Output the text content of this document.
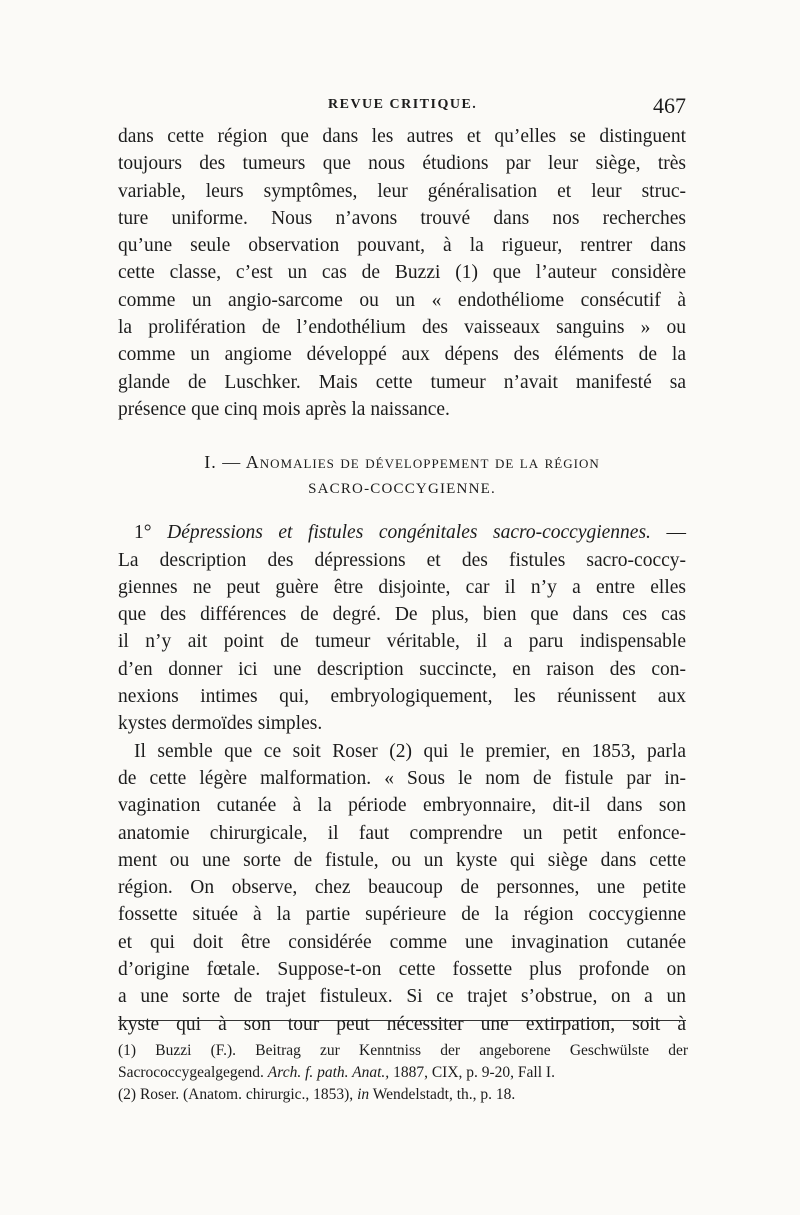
REVUE CRITIQUE.	467
dans cette région que dans les autres et qu’elles se distinguent
toujours des tumeurs que nous étudions par leur siège, très
variable, leurs symptômes, leur généralisation et leur struc-
ture uniforme. Nous n’avons trouvé dans nos recherches
qu’une seule observation pouvant, à la rigueur, rentrer dans
cette classe, c’est un cas de Buzzi (1) que l’auteur considère
comme un angio-sarcome ou un « endothéliome consécutif à
la prolifération de l’endothélium des vaisseaux sanguins » ou
comme un angiome développé aux dépens des éléments de la
glande de Luschker. Mais cette tumeur n’avait manifesté sa
présence que cinq mois après la naissance.
I. — Anomalies de développement de la région
SACRO-COCCYGIENNE.
1° Dépressions et fistules congénitales sacro-coccygiennes. —
La description des dépressions et des fistules sacro-coccy-
giennes ne peut guère être disjointe, car il n’y a entre elles
que des différences de degré. De plus, bien que dans ces cas
il n’y ait point de tumeur véritable, il a paru indispensable
d’en donner ici une description succincte, en raison des con-
nexions intimes qui, embryologiquement, les réunissent aux
kystes dermoïdes simples.
Il semble que ce soit Roser (2) qui le premier, en 1853, parla
de cette légère malformation. « Sous le nom de fistule par in-
vagination cutanée à la période embryonnaire, dit-il dans son
anatomie chirurgicale, il faut comprendre un petit enfonce-
ment ou une sorte de fistule, ou un kyste qui siège dans cette
région. On observe, chez beaucoup de personnes, une petite
fossette située à la partie supérieure de la région coccygienne
et qui doit être considérée comme une invagination cutanée
d’origine fœtale. Suppose-t-on cette fossette plus profonde on
a une sorte de trajet fistuleux. Si ce trajet s’obstrue, on a un
kyste qui à son tour peut nécessiter une extirpation, soit à
(1) Buzzi (F.). Beitrag zur Kenntniss der angeborene Geschwülste der
Sacrococcygealgegend. Arch. f. path. Anat., 1887, CIX, p. 9-20, Fall I.
(2) Roser. (Anatom. chirurgic., 1853), in Wendelstadt, th., p. 18.
